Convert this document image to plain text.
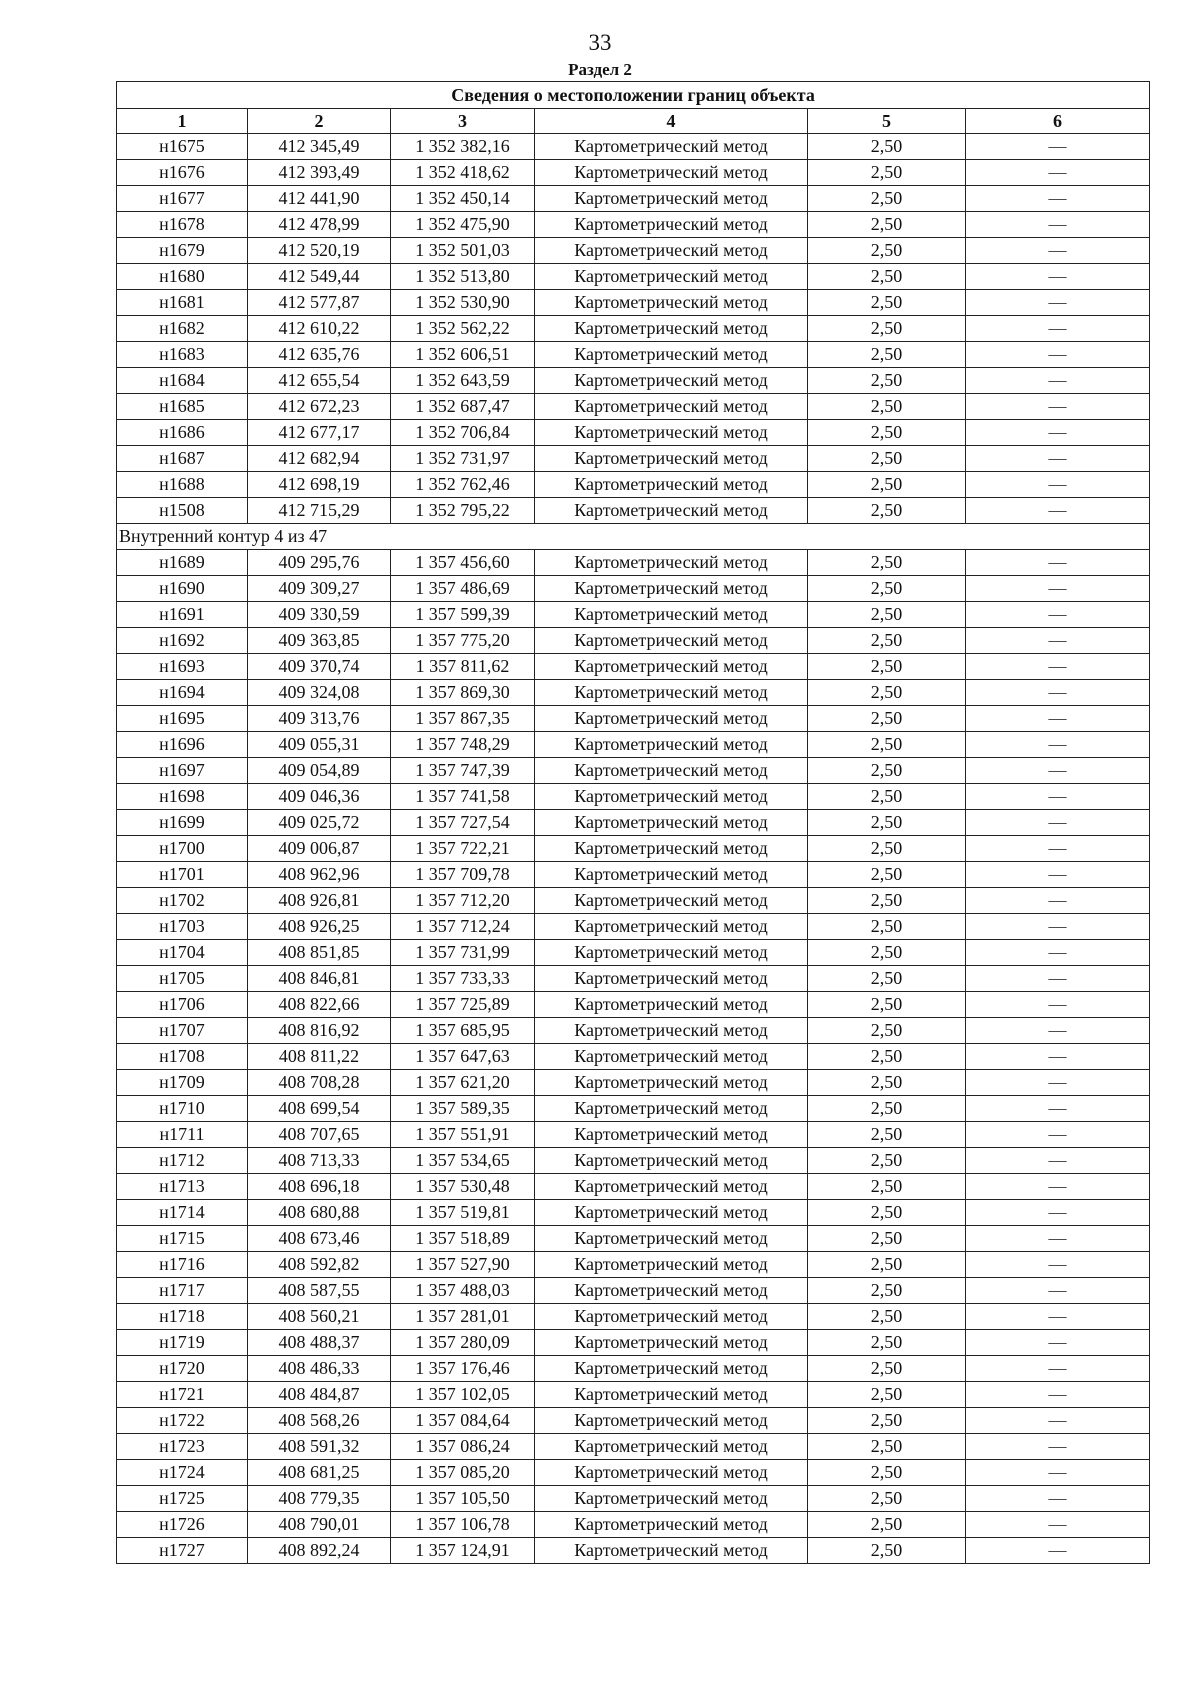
33
Раздел 2
Сведения о местоположении границ объекта					
1	2	3	4	5	6
н1675	412 345,49	1 352 382,16	Картометрический метод	2,50	—
н1676	412 393,49	1 352 418,62	Картометрический метод	2,50	—
н1677	412 441,90	1 352 450,14	Картометрический метод	2,50	—
н1678	412 478,99	1 352 475,90	Картометрический метод	2,50	—
н1679	412 520,19	1 352 501,03	Картометрический метод	2,50	—
н1680	412 549,44	1 352 513,80	Картометрический метод	2,50	—
н1681	412 577,87	1 352 530,90	Картометрический метод	2,50	—
н1682	412 610,22	1 352 562,22	Картометрический метод	2,50	—
н1683	412 635,76	1 352 606,51	Картометрический метод	2,50	—
н1684	412 655,54	1 352 643,59	Картометрический метод	2,50	—
н1685	412 672,23	1 352 687,47	Картометрический метод	2,50	—
н1686	412 677,17	1 352 706,84	Картометрический метод	2,50	—
н1687	412 682,94	1 352 731,97	Картометрический метод	2,50	—
н1688	412 698,19	1 352 762,46	Картометрический метод	2,50	—
н1508	412 715,29	1 352 795,22	Картометрический метод	2,50	—
Внутренний контур 4 из 47					
н1689	409 295,76	1 357 456,60	Картометрический метод	2,50	—
н1690	409 309,27	1 357 486,69	Картометрический метод	2,50	—
н1691	409 330,59	1 357 599,39	Картометрический метод	2,50	—
н1692	409 363,85	1 357 775,20	Картометрический метод	2,50	—
н1693	409 370,74	1 357 811,62	Картометрический метод	2,50	—
н1694	409 324,08	1 357 869,30	Картометрический метод	2,50	—
н1695	409 313,76	1 357 867,35	Картометрический метод	2,50	—
н1696	409 055,31	1 357 748,29	Картометрический метод	2,50	—
н1697	409 054,89	1 357 747,39	Картометрический метод	2,50	—
н1698	409 046,36	1 357 741,58	Картометрический метод	2,50	—
н1699	409 025,72	1 357 727,54	Картометрический метод	2,50	—
н1700	409 006,87	1 357 722,21	Картометрический метод	2,50	—
н1701	408 962,96	1 357 709,78	Картометрический метод	2,50	—
н1702	408 926,81	1 357 712,20	Картометрический метод	2,50	—
н1703	408 926,25	1 357 712,24	Картометрический метод	2,50	—
н1704	408 851,85	1 357 731,99	Картометрический метод	2,50	—
н1705	408 846,81	1 357 733,33	Картометрический метод	2,50	—
н1706	408 822,66	1 357 725,89	Картометрический метод	2,50	—
н1707	408 816,92	1 357 685,95	Картометрический метод	2,50	—
н1708	408 811,22	1 357 647,63	Картометрический метод	2,50	—
н1709	408 708,28	1 357 621,20	Картометрический метод	2,50	—
н1710	408 699,54	1 357 589,35	Картометрический метод	2,50	—
н1711	408 707,65	1 357 551,91	Картометрический метод	2,50	—
н1712	408 713,33	1 357 534,65	Картометрический метод	2,50	—
н1713	408 696,18	1 357 530,48	Картометрический метод	2,50	—
н1714	408 680,88	1 357 519,81	Картометрический метод	2,50	—
н1715	408 673,46	1 357 518,89	Картометрический метод	2,50	—
н1716	408 592,82	1 357 527,90	Картометрический метод	2,50	—
н1717	408 587,55	1 357 488,03	Картометрический метод	2,50	—
н1718	408 560,21	1 357 281,01	Картометрический метод	2,50	—
н1719	408 488,37	1 357 280,09	Картометрический метод	2,50	—
н1720	408 486,33	1 357 176,46	Картометрический метод	2,50	—
н1721	408 484,87	1 357 102,05	Картометрический метод	2,50	—
н1722	408 568,26	1 357 084,64	Картометрический метод	2,50	—
н1723	408 591,32	1 357 086,24	Картометрический метод	2,50	—
н1724	408 681,25	1 357 085,20	Картометрический метод	2,50	—
н1725	408 779,35	1 357 105,50	Картометрический метод	2,50	—
н1726	408 790,01	1 357 106,78	Картометрический метод	2,50	—
н1727	408 892,24	1 357 124,91	Картометрический метод	2,50	—
